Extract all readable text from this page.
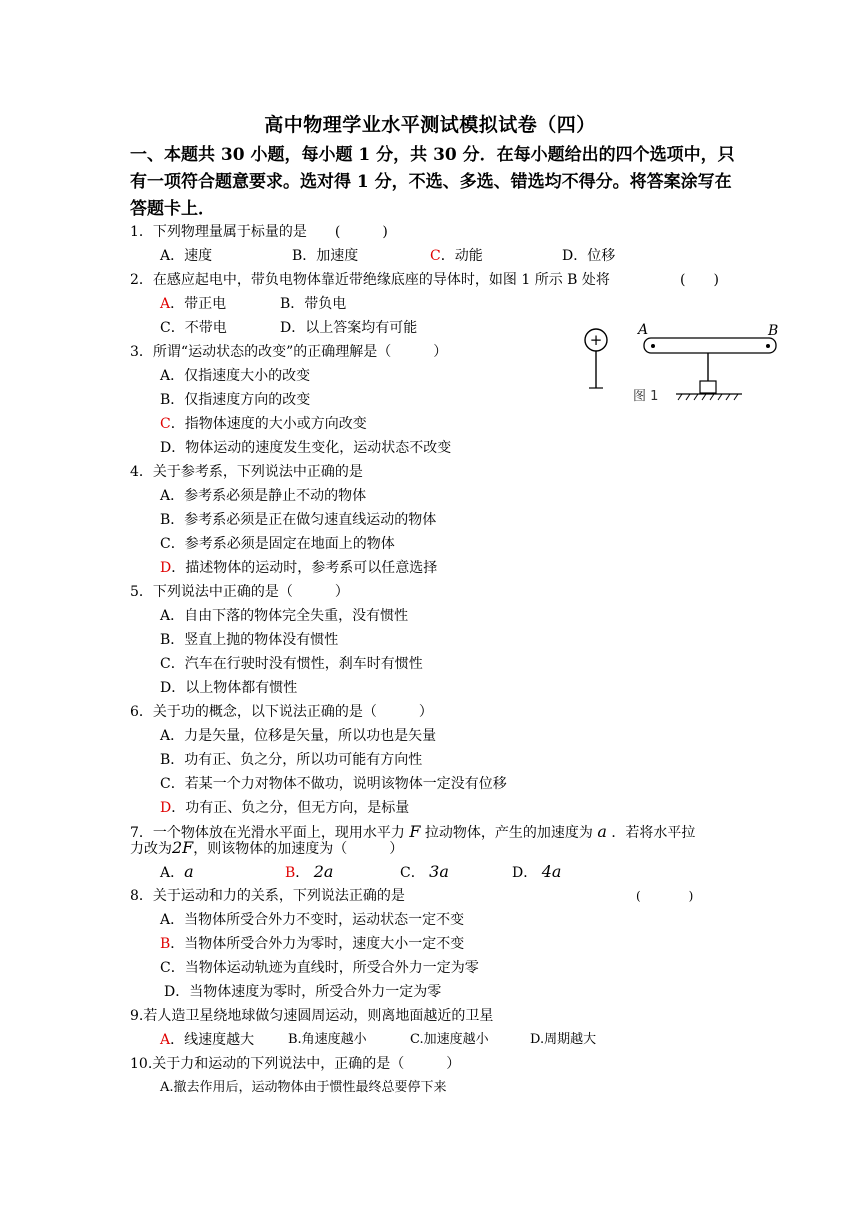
高中物理学业水平测试模拟试卷（四）
一、本题共 30 小题，每小题 1 分，共 30 分．在每小题给出的四个选项中，只有一项符合题意要求。选对得 1 分，不选、多选、错选均不得分。将答案涂写在答题卡上．
1．下列物理量属于标量的是　　(　　　)
A．速度	B．加速度	C．动能	D．位移
2．在感应起电中，带负电物体靠近带绝缘底座的导体时，如图 1 所示 B 处将	(　　)
A．带正电	B．带负电
C．不带电	D．以上答案均有可能
+
A	B
图 1
3．所谓“运动状态的改变”的正确理解是（　　　）
A．仅指速度大小的改变
B．仅指速度方向的改变
C．指物体速度的大小或方向改变
D．物体运动的速度发生变化，运动状态不改变
4．关于参考系，下列说法中正确的是
A．参考系必须是静止不动的物体
B．参考系必须是正在做匀速直线运动的物体
C．参考系必须是固定在地面上的物体
D．描述物体的运动时，参考系可以任意选择
5．下列说法中正确的是（　　　）
A．自由下落的物体完全失重，没有惯性
B．竖直上抛的物体没有惯性
C．汽车在行驶时没有惯性，刹车时有惯性
D．以上物体都有惯性
6．关于功的概念，以下说法正确的是（　　　）
A．力是矢量，位移是矢量，所以功也是矢量
B．功有正、负之分，所以功可能有方向性
C．若某一个力对物体不做功，说明该物体一定没有位移
D．功有正、负之分，但无方向，是标量
7．一个物体放在光滑水平面上，现用水平力 F 拉动物体，产生的加速度为 a ．若将水平拉
力改为2F，则该物体的加速度为（　　　）
A．a	B． 2a	C． 3a	D． 4a
8．关于运动和力的关系，下列说法正确的是	(　　　　)
A．当物体所受合外力不变时，运动状态一定不变
B．当物体所受合外力为零时，速度大小一定不变
C．当物体运动轨迹为直线时，所受合外力一定为零
D．当物体速度为零时，所受合外力一定为零
9.若人造卫星绕地球做匀速圆周运动，则离地面越近的卫星
A．线速度越大	B.角速度越小	C.加速度越小	D.周期越大
10.关于力和运动的下列说法中，正确的是（　　　）
A.撤去作用后，运动物体由于惯性最终总要停下来
